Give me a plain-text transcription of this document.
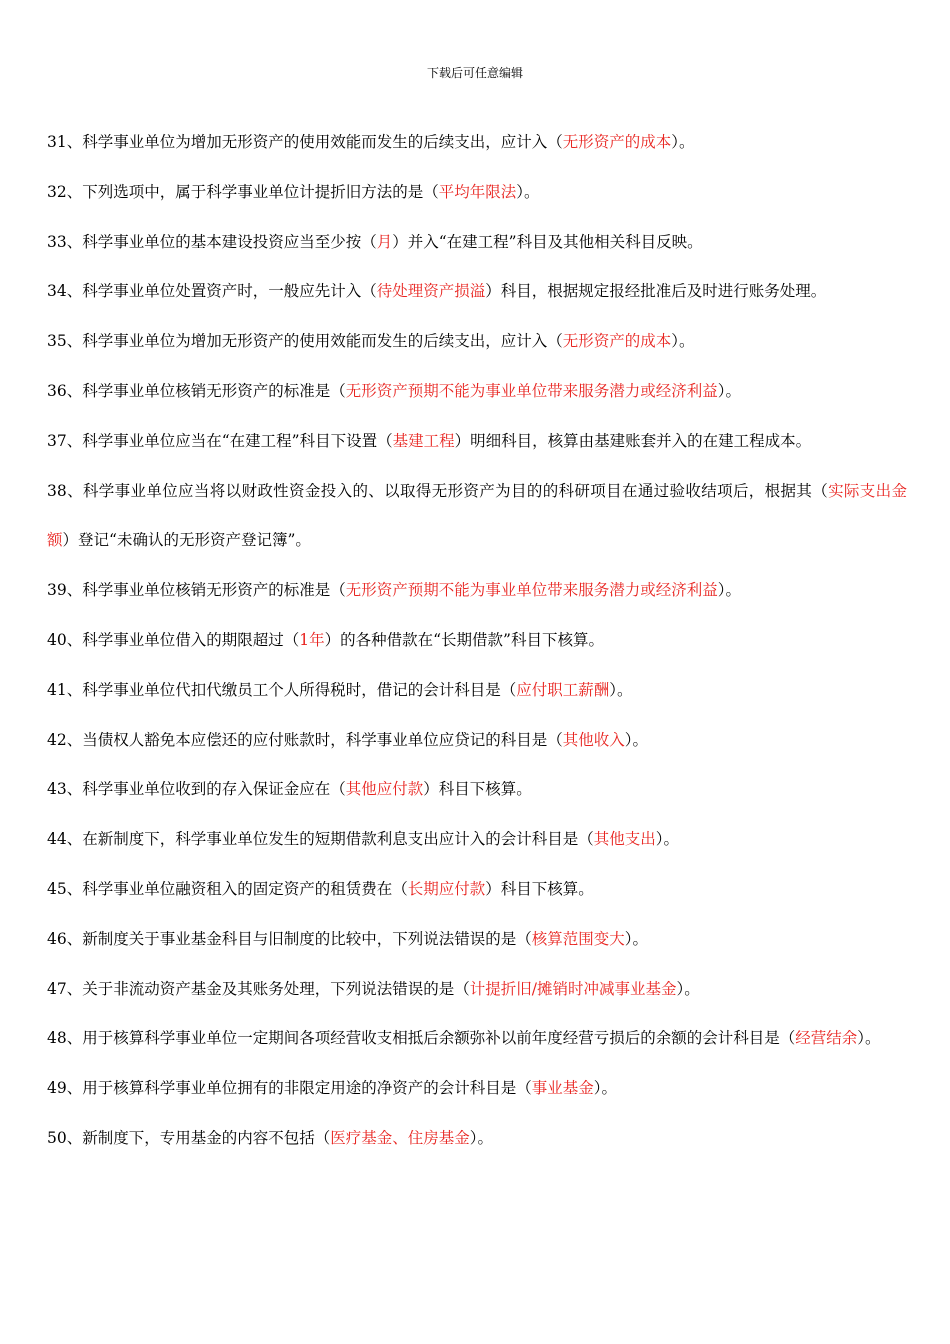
下载后可任意编辑

31、科学事业单位为增加无形资产的使用效能而发生的后续支出，应计入（无形资产的成本）。

32、下列选项中，属于科学事业单位计提折旧方法的是（平均年限法）。

33、科学事业单位的基本建设投资应当至少按（月）并入“在建工程”科目及其他相关科目反映。

34、科学事业单位处置资产时，一般应先计入（待处理资产损溢）科目，根据规定报经批准后及时进行账务处理。

35、科学事业单位为增加无形资产的使用效能而发生的后续支出，应计入（无形资产的成本）。

36、科学事业单位核销无形资产的标准是（无形资产预期不能为事业单位带来服务潜力或经济利益）。

37、科学事业单位应当在“在建工程”科目下设置（基建工程）明细科目，核算由基建账套并入的在建工程成本。

38、科学事业单位应当将以财政性资金投入的、以取得无形资产为目的的科研项目在通过验收结项后，根据其（实际支出金额）登记“未确认的无形资产登记簿”。

39、科学事业单位核销无形资产的标准是（无形资产预期不能为事业单位带来服务潜力或经济利益）。

40、科学事业单位借入的期限超过（1年）的各种借款在“长期借款”科目下核算。

41、科学事业单位代扣代缴员工个人所得税时，借记的会计科目是（应付职工薪酬）。

42、当债权人豁免本应偿还的应付账款时，科学事业单位应贷记的科目是（其他收入）。

43、科学事业单位收到的存入保证金应在（其他应付款）科目下核算。

44、在新制度下，科学事业单位发生的短期借款利息支出应计入的会计科目是（其他支出）。

45、科学事业单位融资租入的固定资产的租赁费在（长期应付款）科目下核算。

46、新制度关于事业基金科目与旧制度的比较中，下列说法错误的是（核算范围变大）。

47、关于非流动资产基金及其账务处理，下列说法错误的是（计提折旧/摊销时冲减事业基金）。

48、用于核算科学事业单位一定期间各项经营收支相抵后余额弥补以前年度经营亏损后的余额的会计科目是（经营结余）。

49、用于核算科学事业单位拥有的非限定用途的净资产的会计科目是（事业基金）。

50、新制度下，专用基金的内容不包括（医疗基金、住房基金）。
